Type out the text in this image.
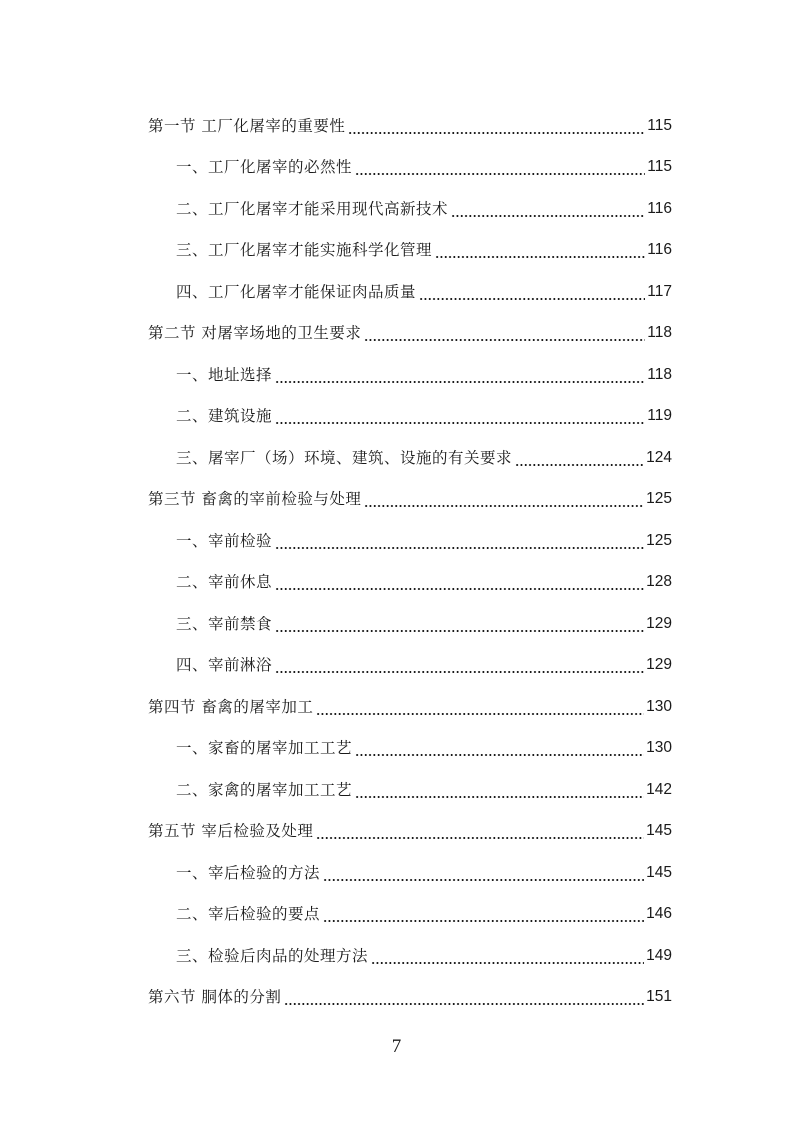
第一节 工厂化屠宰的重要性	115
一、工厂化屠宰的必然性	115
二、工厂化屠宰才能采用现代高新技术	116
三、工厂化屠宰才能实施科学化管理	116
四、工厂化屠宰才能保证肉品质量	117
第二节 对屠宰场地的卫生要求	118
一、地址选择	118
二、建筑设施	119
三、屠宰厂（场）环境、建筑、设施的有关要求	124
第三节 畜禽的宰前检验与处理	125
一、宰前检验	125
二、宰前休息	128
三、宰前禁食	129
四、宰前淋浴	129
第四节 畜禽的屠宰加工	130
一、家畜的屠宰加工工艺	130
二、家禽的屠宰加工工艺	142
第五节 宰后检验及处理	145
一、宰后检验的方法	145
二、宰后检验的要点	146
三、检验后肉品的处理方法	149
第六节 胴体的分割	151
7
